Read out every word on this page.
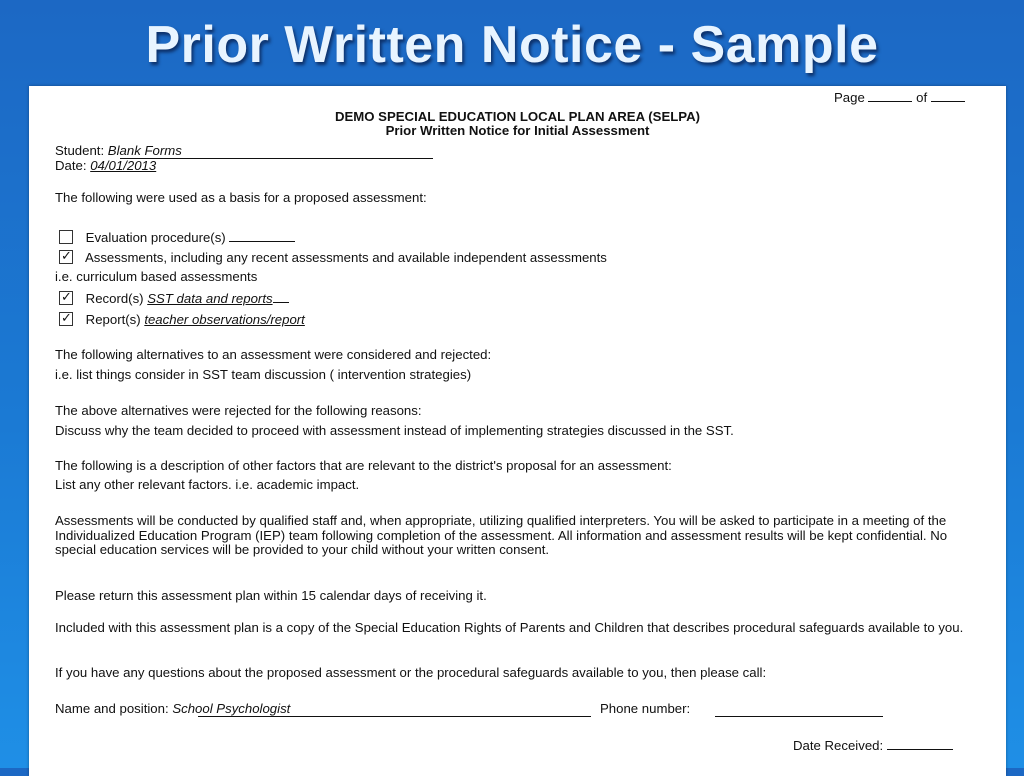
Prior Written Notice - Sample
Page	of
DEMO SPECIAL EDUCATION LOCAL PLAN AREA (SELPA)
Prior Written Notice for Initial Assessment
Student: Blank Forms
Date: 04/01/2013
The following were used as a basis for a proposed assessment:
Evaluation procedure(s)
✓ Assessments, including any recent assessments and available independent assessments
i.e. curriculum based assessments
✓ Record(s) SST data and reports
✓ Report(s) teacher observations/report
The following alternatives to an assessment were considered and rejected:
i.e. list things consider in SST team discussion ( intervention strategies)
The above alternatives were rejected for the following reasons:
Discuss why the team decided to proceed with assessment instead of implementing strategies discussed in the SST.
The following is a description of other factors that are relevant to the district's proposal for an assessment:
List any other relevant factors. i.e. academic impact.
Assessments will be conducted by qualified staff and, when appropriate, utilizing qualified interpreters. You will be asked to participate in a meeting of the Individualized Education Program (IEP) team following completion of the assessment. All information and assessment results will be kept confidential. No special education services will be provided to your child without your written consent.
Please return this assessment plan within 15 calendar days of receiving it.
Included with this assessment plan is a copy of the Special Education Rights of Parents and Children that describes procedural safeguards available to you.
If you have any questions about the proposed assessment or the procedural safeguards available to you, then please call:
Name and position: School Psychologist	Phone number:
Date Received:
